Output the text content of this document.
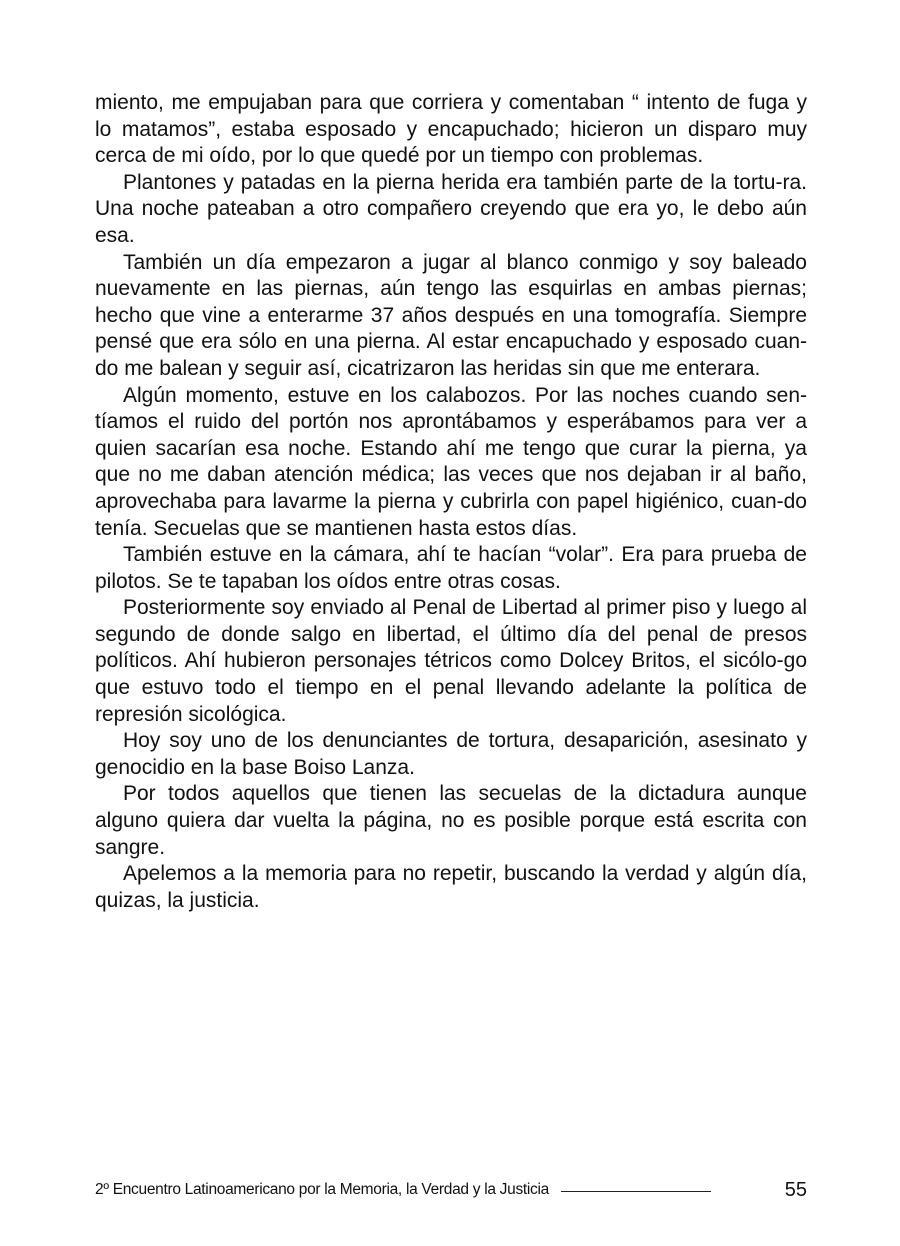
miento, me empujaban para que corriera y comentaban “ intento de fuga y lo matamos”, estaba esposado y encapuchado; hicieron un disparo muy cerca de mi oído, por lo que quedé por un tiempo con problemas.

Plantones y patadas en la pierna herida era también parte de la tortu-ra. Una noche pateaban a otro compañero creyendo que era yo, le debo aún esa.

También un día empezaron a jugar al blanco conmigo y soy baleado nuevamente en las piernas, aún tengo las esquirlas en ambas piernas; hecho que vine a enterarme 37 años después en una tomografía. Siempre pensé que era sólo en una pierna. Al estar encapuchado y esposado cuan-do me balean y seguir así, cicatrizaron las heridas sin que me enterara.

Algún momento, estuve en los calabozos. Por las noches cuando sen-tíamos el ruido del portón nos aprontábamos y esperábamos para ver a quien sacarían esa noche. Estando ahí me tengo que curar la pierna, ya que no me daban atención médica; las veces que nos dejaban ir al baño, aprovechaba para lavarme la pierna y cubrirla con papel higiénico, cuan-do tenía. Secuelas que se mantienen hasta estos días.

También estuve en la cámara, ahí te hacían “volar”. Era para prueba de pilotos. Se te tapaban los oídos entre otras cosas.

Posteriormente soy enviado al Penal de Libertad al primer piso y luego al segundo de donde salgo en libertad, el último día del penal de presos políticos. Ahí hubieron personajes tétricos como Dolcey Britos, el sicólo-go que estuvo todo el tiempo en el penal llevando adelante la política de represión sicológica.

Hoy soy uno de los denunciantes de tortura, desaparición, asesinato y genocidio en la base Boiso Lanza.

Por todos aquellos que tienen las secuelas de la dictadura aunque alguno quiera dar vuelta la página, no es posible porque está escrita con sangre.

Apelemos a la memoria para no repetir, buscando la verdad y algún día, quizas, la justicia.

2º Encuentro Latinoamericano por la Memoria, la Verdad y la Justicia	55
